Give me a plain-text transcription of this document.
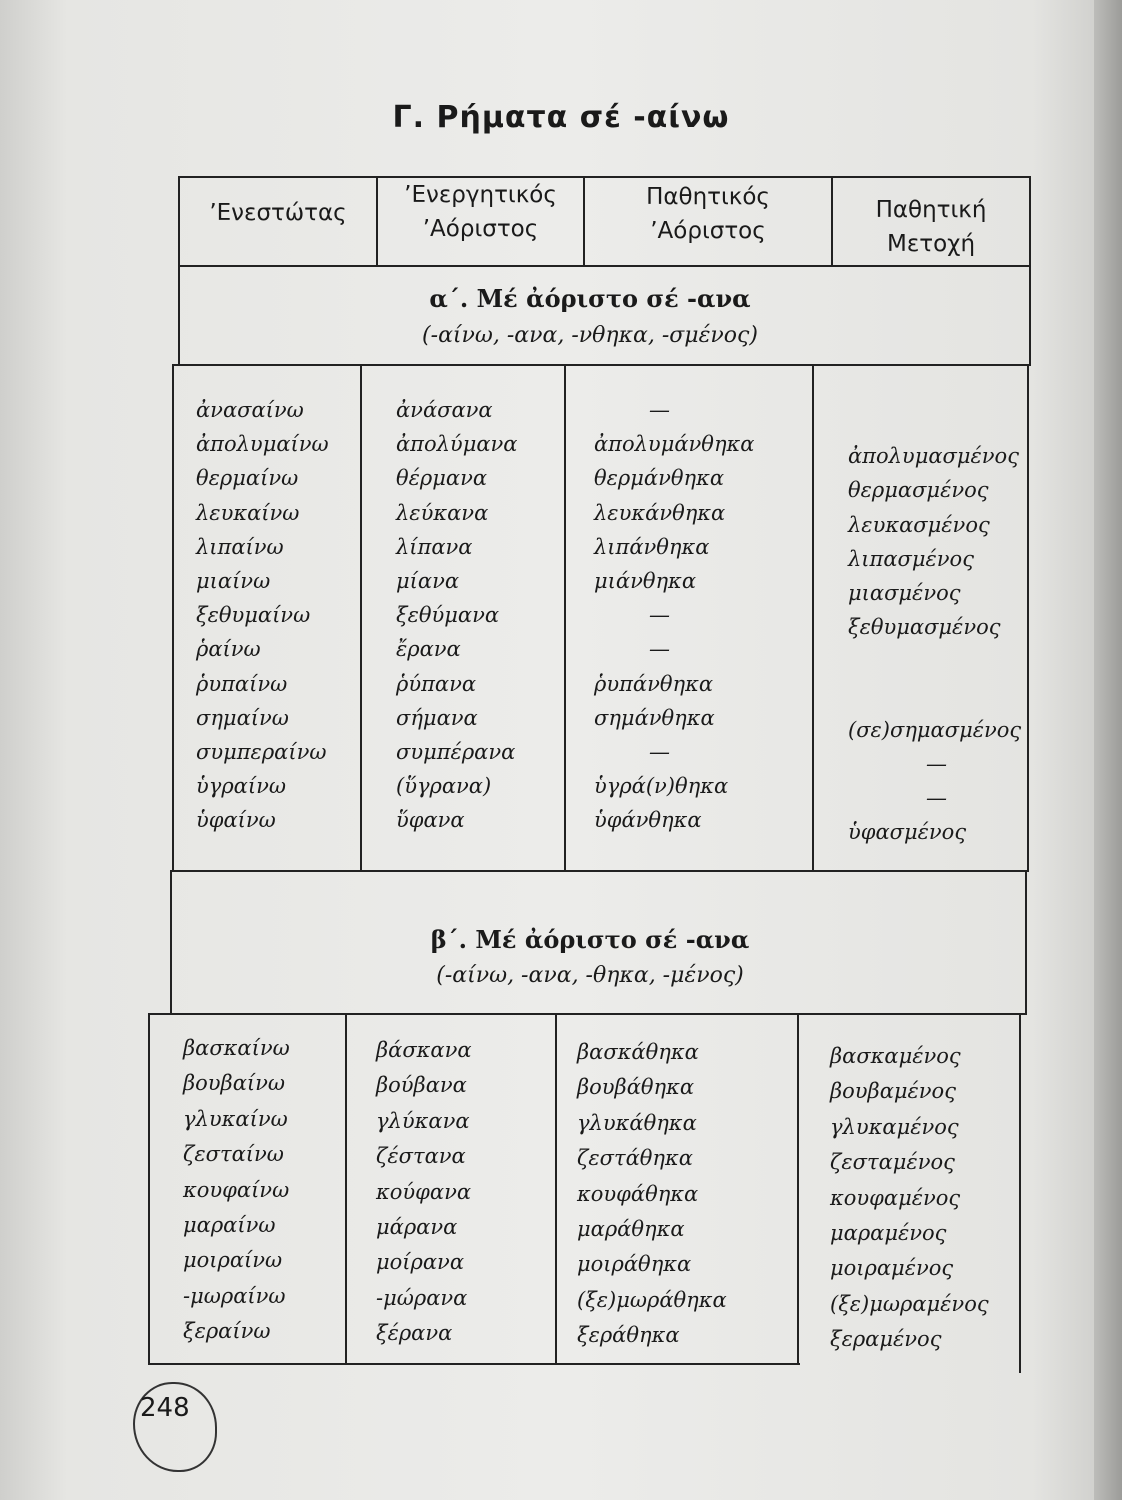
Γ. Ρήματα σέ -αίνω
’Ενεστώτας
’Ενεργητικός
’Αόριστος
Παθητικός
’Αόριστος
Παθητική
Μετοχή
α΄. Μέ ἀόριστο σέ -ανα
(-αίνω, -ανα, -νθηκα, -σμένος)
ἀνασαίνω
ἀπολυμαίνω
θερμαίνω
λευκαίνω
λιπαίνω
μιαίνω
ξεθυμαίνω
ῥαίνω
ῥυπαίνω
σημαίνω
συμπεραίνω
ὑγραίνω
ὑφαίνω
ἀνάσανα
ἀπολύμανα
θέρμανα
λεύκανα
λίπανα
μίανα
ξεθύμανα
ἔρανα
ῥύπανα
σήμανα
συμπέρανα
(ὕγρανα)
ὕφανα
—
ἀπολυμάνθηκα
θερμάνθηκα
λευκάνθηκα
λιπάνθηκα
μιάνθηκα
—
—
ῥυπάνθηκα
σημάνθηκα
—
ὑγρά(ν)θηκα
ὑφάνθηκα
ἀπολυμασμένος
θερμασμένος
λευκασμένος
λιπασμένος
μιασμένος
ξεθυμασμένος
(σε)σημασμένος
—
—
ὑφασμένος
β΄. Μέ ἀόριστο σέ -ανα
(-αίνω, -ανα, -θηκα, -μένος)
βασκαίνω
βουβαίνω
γλυκαίνω
ζεσταίνω
κουφαίνω
μαραίνω
μοιραίνω
-μωραίνω
ξεραίνω
βάσκανα
βούβανα
γλύκανα
ζέστανα
κούφανα
μάρανα
μοίρανα
-μώρανα
ξέρανα
βασκάθηκα
βουβάθηκα
γλυκάθηκα
ζεστάθηκα
κουφάθηκα
μαράθηκα
μοιράθηκα
(ξε)μωράθηκα
ξεράθηκα
βασκαμένος
βουβαμένος
γλυκαμένος
ζεσταμένος
κουφαμένος
μαραμένος
μοιραμένος
(ξε)μωραμένος
ξεραμένος
248
